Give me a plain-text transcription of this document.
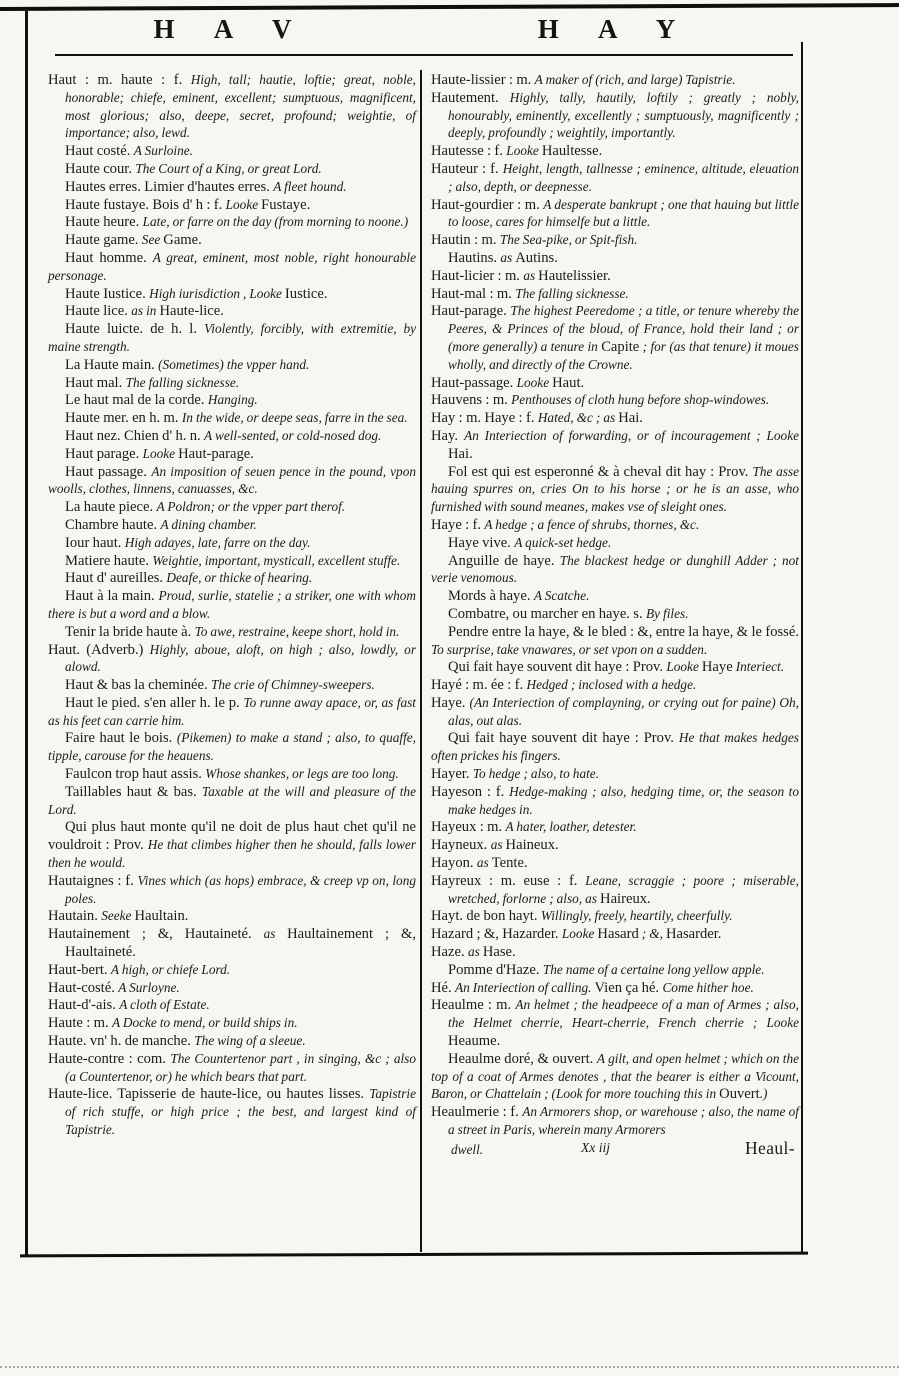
H A V	H A Y

Haut : m. haute : f. High, tall; hautie, loftie; great, noble, honorable; chiefe, eminent, excellent; sumptuous, magnificent, most glorious; also, deepe, secret, profound; weightie, of importance; also, lewd.

Haut costé. A Surloine.

Haute cour. The Court of a King, or great Lord.

Hautes erres. Limier d'hautes erres. A fleet hound.

Haute fustaye. Bois d' h : f. Looke Fustaye.

Haute heure. Late, or farre on the day (from morning to noone.)

Haute game. See Game.

Haut homme. A great, eminent, most noble, right honourable personage.

Haute Iustice. High iurisdiction , Looke Iustice.

Haute lice. as in Haute-lice.

Haute luicte. de h. l. Violently, forcibly, with extremitie, by maine strength.

La Haute main. (Sometimes) the vpper hand.

Haut mal. The falling sicknesse.

Le haut mal de la corde. Hanging.

Haute mer. en h. m. In the wide, or deepe seas, farre in the sea.

Haut nez. Chien d' h. n. A well-sented, or cold-nosed dog.

Haut parage. Looke Haut-parage.

Haut passage. An imposition of seuen pence in the pound, vpon woolls, clothes, linnens, canuasses, &c.

La haute piece. A Poldron; or the vpper part therof.

Chambre haute. A dining chamber.

Iour haut. High adayes, late, farre on the day.

Matiere haute. Weightie, important, mysticall, excellent stuffe.

Haut d' aureilles. Deafe, or thicke of hearing.

Haut à la main. Proud, surlie, statelie ; a striker, one with whom there is but a word and a blow.

Tenir la bride haute à. To awe, restraine, keepe short, hold in.

Haut. (Adverb.) Highly, aboue, aloft, on high ; also, lowdly, or alowd.

Haut & bas la cheminée. The crie of Chimney-sweepers.

Haut le pied. s'en aller h. le p. To runne away apace, or, as fast as his feet can carrie him.

Faire haut le bois. (Pikemen) to make a stand ; also, to quaffe, tipple, carouse for the heauens.

Faulcon trop haut assis. Whose shankes, or legs are too long.

Taillables haut & bas. Taxable at the will and pleasure of the Lord.

Qui plus haut monte qu'il ne doit de plus haut chet qu'il ne vouldroit : Prov. He that climbes higher then he should, falls lower then he would.

Hautaignes : f. Vines which (as hops) embrace, & creep vp on, long poles.

Hautain. Seeke Haultain.

Hautainement ; &, Hautaineté. as Haultainement ; &, Haultaineté.

Haut-bert. A high, or chiefe Lord.

Haut-costé. A Surloyne.

Haut-d'-ais. A cloth of Estate.

Haute : m. A Docke to mend, or build ships in.

Haute. vn' h. de manche. The wing of a sleeue.

Haute-contre : com. The Countertenor part , in singing, &c ; also (a Countertenor, or) he which bears that part.

Haute-lice. Tapisserie de haute-lice, ou hautes lisses. Tapistrie of rich stuffe, or high price ; the best, and largest kind of Tapistrie.

Haute-lissier : m. A maker of (rich, and large) Tapistrie.

Hautement. Highly, tally, hautily, loftily ; greatly ; nobly, honourably, eminently, excellently ; sumptuously, magnificently ; deeply, profoundly ; weightily, importantly.

Hautesse : f. Looke Haultesse.

Hauteur : f. Height, length, tallnesse ; eminence, altitude, eleuation ; also, depth, or deepnesse.

Haut-gourdier : m. A desperate bankrupt ; one that hauing but little to loose, cares for himselfe but a little.

Hautin : m. The Sea-pike, or Spit-fish.

Hautins. as Autins.

Haut-licier : m. as Hautelissier.

Haut-mal : m. The falling sicknesse.

Haut-parage. The highest Peeredome ; a title, or tenure whereby the Peeres, & Princes of the bloud, of France, hold their land ; or (more generally) a tenure in Capite ; for (as that tenure) it moues wholly, and directly of the Crowne.

Haut-passage. Looke Haut.

Hauvens : m. Penthouses of cloth hung before shop-windowes.

Hay : m. Haye : f. Hated, &c ; as Hai.

Hay. An Interiection of forwarding, or of incouragement ; Looke Hai.

Fol est qui est esperonné & à cheval dit hay : Prov. The asse hauing spurres on, cries On to his horse ; or he is an asse, who furnished with sound meanes, makes vse of sleight ones.

Haye : f. A hedge ; a fence of shrubs, thornes, &c.

Haye vive. A quick-set hedge.

Anguille de haye. The blackest hedge or dunghill Adder ; not verie venomous.

Mords à haye. A Scatche.

Combatre, ou marcher en haye. s. By files.

Pendre entre la haye, & le bled : &, entre la haye, & le fossé. To surprise, take vnawares, or set vpon on a sudden.

Qui fait haye souvent dit haye : Prov. Looke Haye Interiect.

Hayé : m. ée : f. Hedged ; inclosed with a hedge.

Haye. (An Interiection of complayning, or crying out for paine) Oh, alas, out alas.

Qui fait haye souvent dit haye : Prov. He that makes hedges often prickes his fingers.

Hayer. To hedge ; also, to hate.

Hayeson : f. Hedge-making ; also, hedging time, or, the season to make hedges in.

Hayeux : m. A hater, loather, detester.

Hayneux. as Haineux.

Hayon. as Tente.

Hayreux : m. euse : f. Leane, scraggie ; poore ; miserable, wretched, forlorne ; also, as Haireux.

Hayt. de bon hayt. Willingly, freely, heartily, cheerfully.

Hazard ; &, Hazarder. Looke Hasard ; &, Hasarder.

Haze. as Hase.

Pomme d'Haze. The name of a certaine long yellow apple.

Hé. An Interiection of calling. Vien ça hé. Come hither hoe.

Heaulme : m. An helmet ; the headpeece of a man of Armes ; also, the Helmet cherrie, Heart-cherrie, French cherrie ; Looke Heaume.

Heaulme doré, & ouvert. A gilt, and open helmet ; which on the top of a coat of Armes denotes , that the bearer is either a Vicount, Baron, or Chattelain ; (Look for more touching this in Ouvert.)

Heaulmerie : f. An Armorers shop, or warehouse ; also, the name of a street in Paris, wherein many Armorers

dwell.	Xx iij	Heaul-
